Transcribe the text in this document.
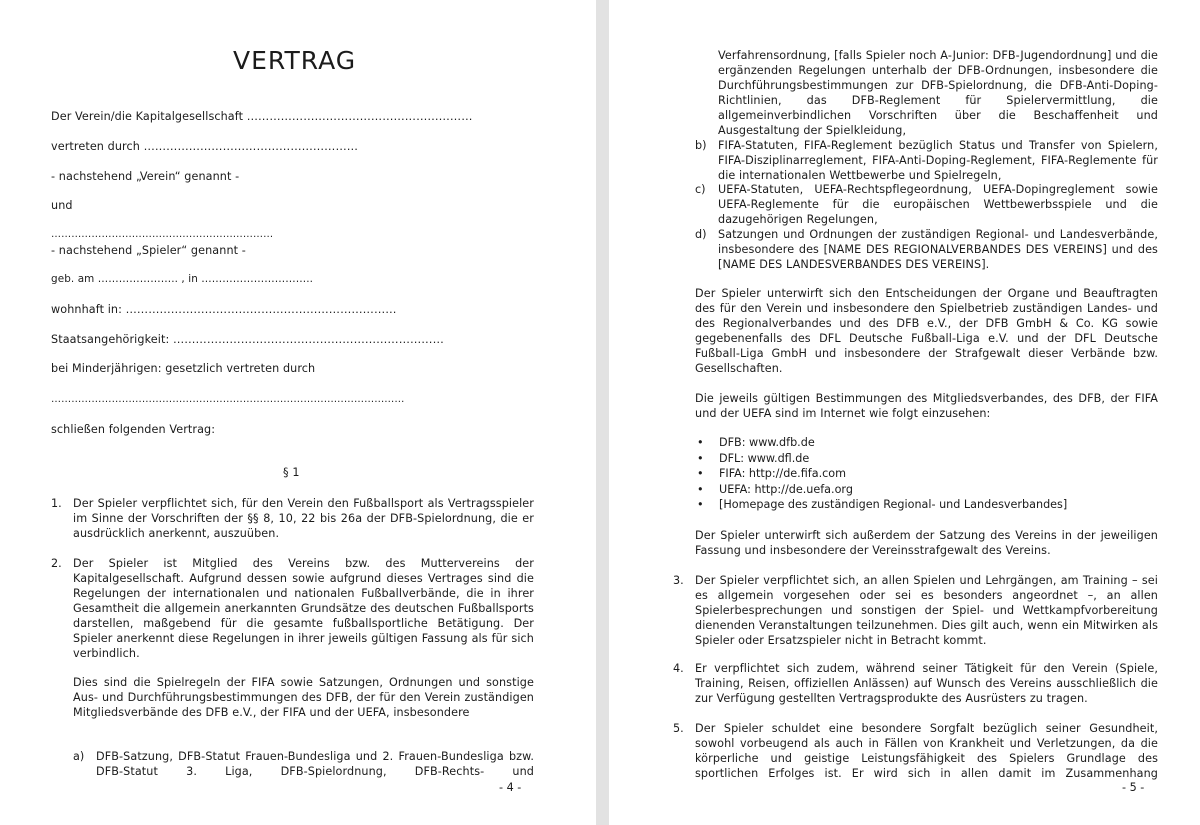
VERTRAG
Der Verein/die Kapitalgesellschaft ……………………………………………………
vertreten durch …………………………………………………
- nachstehend „Verein“ genannt -
und
…………………………………………………………
- nachstehend „Spieler“ genannt -
geb. am ………………….. , in …………………………..
wohnhaft in: ………………………………………………………………
Staatsangehörigkeit: ………………………………………………………………
bei Minderjährigen: gesetzlich vertreten durch
……………………………………………………………………………………………
schließen folgenden Vertrag:
§ 1
1. Der Spieler verpflichtet sich, für den Verein den Fußballsport als Vertragsspieler im Sinne der Vorschriften der §§ 8, 10, 22 bis 26a der DFB-Spielordnung, die er ausdrücklich anerkennt, auszuüben.

2. Der Spieler ist Mitglied des Vereins bzw. des Muttervereins der Kapitalgesellschaft. Aufgrund dessen sowie aufgrund dieses Vertrages sind die Regelungen der internationalen und nationalen Fußballverbände, die in ihrer Gesamtheit die allgemein anerkannten Grundsätze des deutschen Fußballsports darstellen, maßgebend für die gesamte fußballsportliche Betätigung. Der Spieler anerkennt diese Regelungen in ihrer jeweils gültigen Fassung als für sich verbindlich.

Dies sind die Spielregeln der FIFA sowie Satzungen, Ordnungen und sonstige Aus- und Durchführungsbestimmungen des DFB, der für den Verein zuständigen Mitgliedsverbände des DFB e.V., der FIFA und der UEFA, insbesondere

a) DFB-Satzung, DFB-Statut Frauen-Bundesliga und 2. Frauen-Bundesliga bzw. DFB-Statut 3. Liga, DFB-Spielordnung, DFB-Rechts- und

- 4 -

Verfahrensordnung, [falls Spieler noch A-Junior: DFB-Jugendordnung] und die ergänzenden Regelungen unterhalb der DFB-Ordnungen, insbesondere die Durchführungsbestimmungen zur DFB-Spielordnung, die DFB-Anti-Doping-Richtlinien, das DFB-Reglement für Spielervermittlung, die allgemeinverbindlichen Vorschriften über die Beschaffenheit und Ausgestaltung der Spielkleidung,

b) FIFA-Statuten, FIFA-Reglement bezüglich Status und Transfer von Spielern, FIFA-Disziplinarreglement, FIFA-Anti-Doping-Reglement, FIFA-Reglemente für die internationalen Wettbewerbe und Spielregeln,

c) UEFA-Statuten, UEFA-Rechtspflegeordnung, UEFA-Dopingreglement sowie UEFA-Reglemente für die europäischen Wettbewerbsspiele und die dazugehörigen Regelungen,

d) Satzungen und Ordnungen der zuständigen Regional- und Landesverbände, insbesondere des [NAME DES REGIONALVERBANDES DES VEREINS] und des [NAME DES LANDESVERBANDES DES VEREINS].

Der Spieler unterwirft sich den Entscheidungen der Organe und Beauftragten des für den Verein und insbesondere den Spielbetrieb zuständigen Landes- und des Regionalverbandes und des DFB e.V., der DFB GmbH & Co. KG sowie gegebenenfalls des DFL Deutsche Fußball-Liga e.V. und der DFL Deutsche Fußball-Liga GmbH und insbesondere der Strafgewalt dieser Verbände bzw. Gesellschaften.

Die jeweils gültigen Bestimmungen des Mitgliedsverbandes, des DFB, der FIFA und der UEFA sind im Internet wie folgt einzusehen:

• DFB: www.dfb.de
• DFL: www.dfl.de
• FIFA: http://de.fifa.com
• UEFA: http://de.uefa.org
• [Homepage des zuständigen Regional- und Landesverbandes]

Der Spieler unterwirft sich außerdem der Satzung des Vereins in der jeweiligen Fassung und insbesondere der Vereinsstrafgewalt des Vereins.

3. Der Spieler verpflichtet sich, an allen Spielen und Lehrgängen, am Training – sei es allgemein vorgesehen oder sei es besonders angeordnet –, an allen Spielerbesprechungen und sonstigen der Spiel- und Wettkampfvorbereitung dienenden Veranstaltungen teilzunehmen. Dies gilt auch, wenn ein Mitwirken als Spieler oder Ersatzspieler nicht in Betracht kommt.

4. Er verpflichtet sich zudem, während seiner Tätigkeit für den Verein (Spiele, Training, Reisen, offiziellen Anlässen) auf Wunsch des Vereins ausschließlich die zur Verfügung gestellten Vertragsprodukte des Ausrüsters zu tragen.

5. Der Spieler schuldet eine besondere Sorgfalt bezüglich seiner Gesundheit, sowohl vorbeugend als auch in Fällen von Krankheit und Verletzungen, da die körperliche und geistige Leistungsfähigkeit des Spielers Grundlage des sportlichen Erfolges ist. Er wird sich in allen damit im Zusammenhang

- 5 -
